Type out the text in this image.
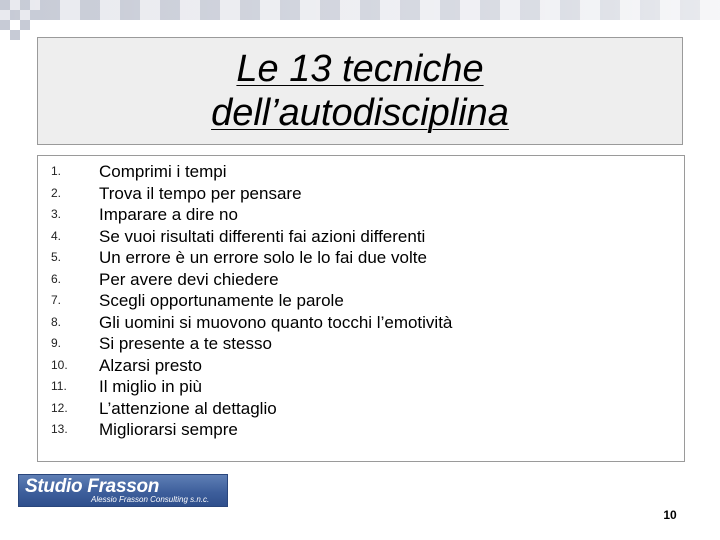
Le 13 tecniche
dell’autodisciplina
1.	Comprimi i tempi
2.	Trova il tempo per pensare
3.	Imparare a dire no
4.	Se vuoi risultati differenti fai azioni differenti
5.	Un errore è un errore solo le lo fai due volte
6.	Per avere devi chiedere
7.	Scegli opportunamente le parole
8.	Gli uomini si muovono quanto tocchi l’emotività
9.	Si presente a te stesso
10.	Alzarsi presto
11.	Il miglio in più
12.	L’attenzione al dettaglio
13.	Migliorarsi sempre
Studio Frasson
Alessio Frasson Consulting s.n.c.
10
